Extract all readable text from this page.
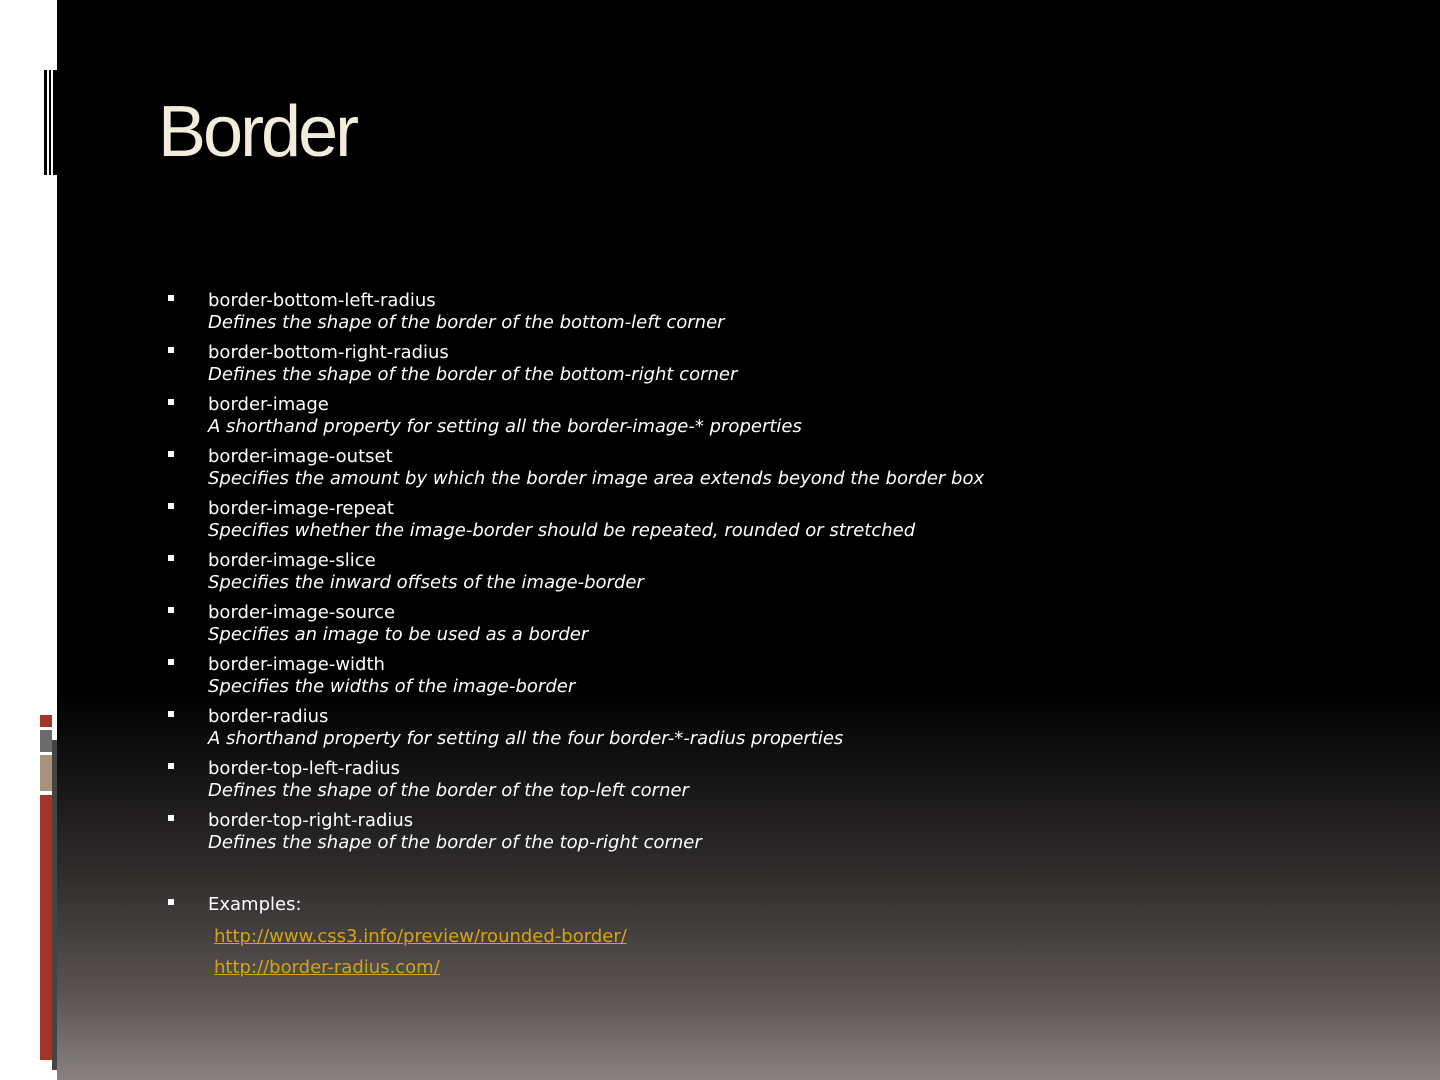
Border
border-bottom-left-radius
Defines the shape of the border of the bottom-left corner
border-bottom-right-radius
Defines the shape of the border of the bottom-right corner
border-image
A shorthand property for setting all the border-image-* properties
border-image-outset
Specifies the amount by which the border image area extends beyond the border box
border-image-repeat
Specifies whether the image-border should be repeated, rounded or stretched
border-image-slice
Specifies the inward offsets of the image-border
border-image-source
Specifies an image to be used as a border
border-image-width
Specifies the widths of the image-border
border-radius
A shorthand property for setting all the four border-*-radius properties
border-top-left-radius
Defines the shape of the border of the top-left corner
border-top-right-radius
Defines the shape of the border of the top-right corner
Examples:
http://www.css3.info/preview/rounded-border/
http://border-radius.com/
